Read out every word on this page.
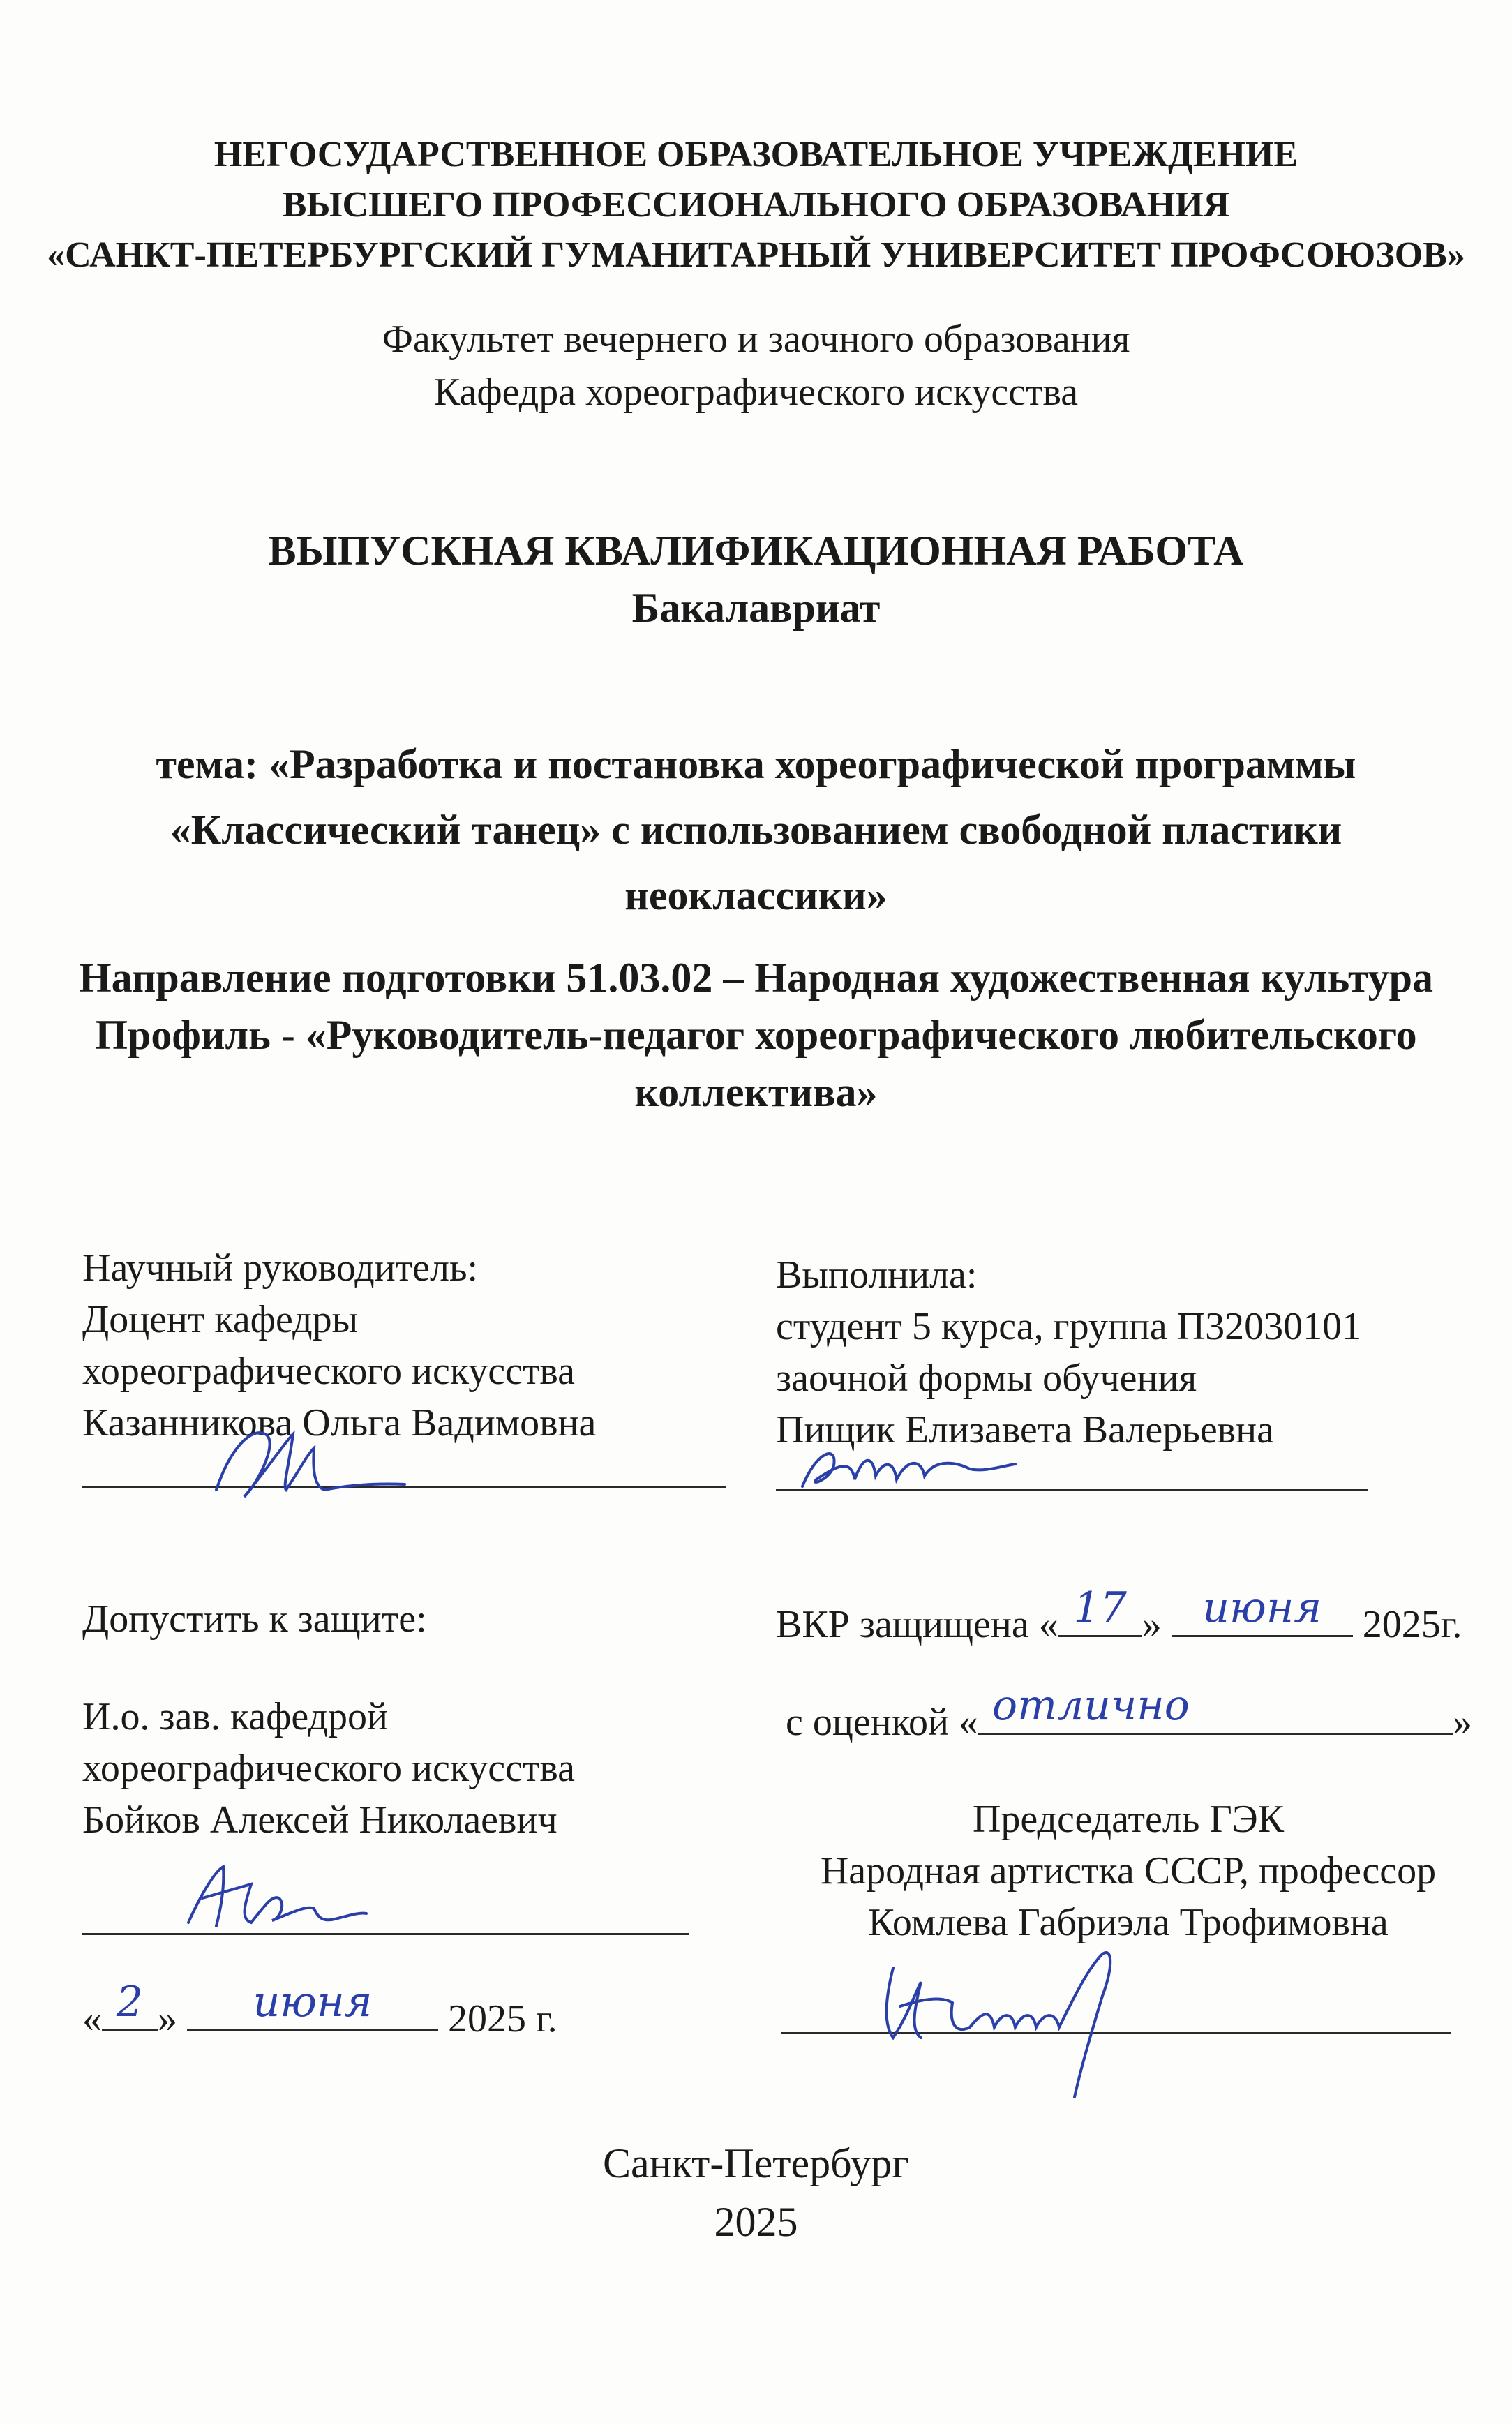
НЕГОСУДАРСТВЕННОЕ ОБРАЗОВАТЕЛЬНОЕ УЧРЕЖДЕНИЕ
ВЫСШЕГО ПРОФЕССИОНАЛЬНОГО ОБРАЗОВАНИЯ
«САНКТ-ПЕТЕРБУРГСКИЙ ГУМАНИТАРНЫЙ УНИВЕРСИТЕТ ПРОФСОЮЗОВ»
Факультет вечернего и заочного образования
Кафедра хореографического искусства
ВЫПУСКНАЯ КВАЛИФИКАЦИОННАЯ РАБОТА
Бакалавриат
тема: «Разработка и постановка хореографической программы
«Классический танец» с использованием свободной пластики
неоклассики»
Направление подготовки 51.03.02 – Народная художественная культура
Профиль - «Руководитель-педагог хореографического любительского
коллектива»
Научный руководитель:
Доцент кафедры
хореографического искусства
Казанникова Ольга Вадимовна
Выполнила:
студент 5 курса, группа П32030101
заочной формы обучения
Пищик Елизавета Валерьевна
Допустить к защите:
И.о. зав. кафедрой
хореографического искусства
Бойков Алексей Николаевич
« 2 »	июня	2025 г.
ВКР защищена « 17 » июня	2025г.
с оценкой « отлично	»
Председатель ГЭК
Народная артистка СССР, профессор
Комлева Габриэла Трофимовна
Санкт-Петербург
2025
